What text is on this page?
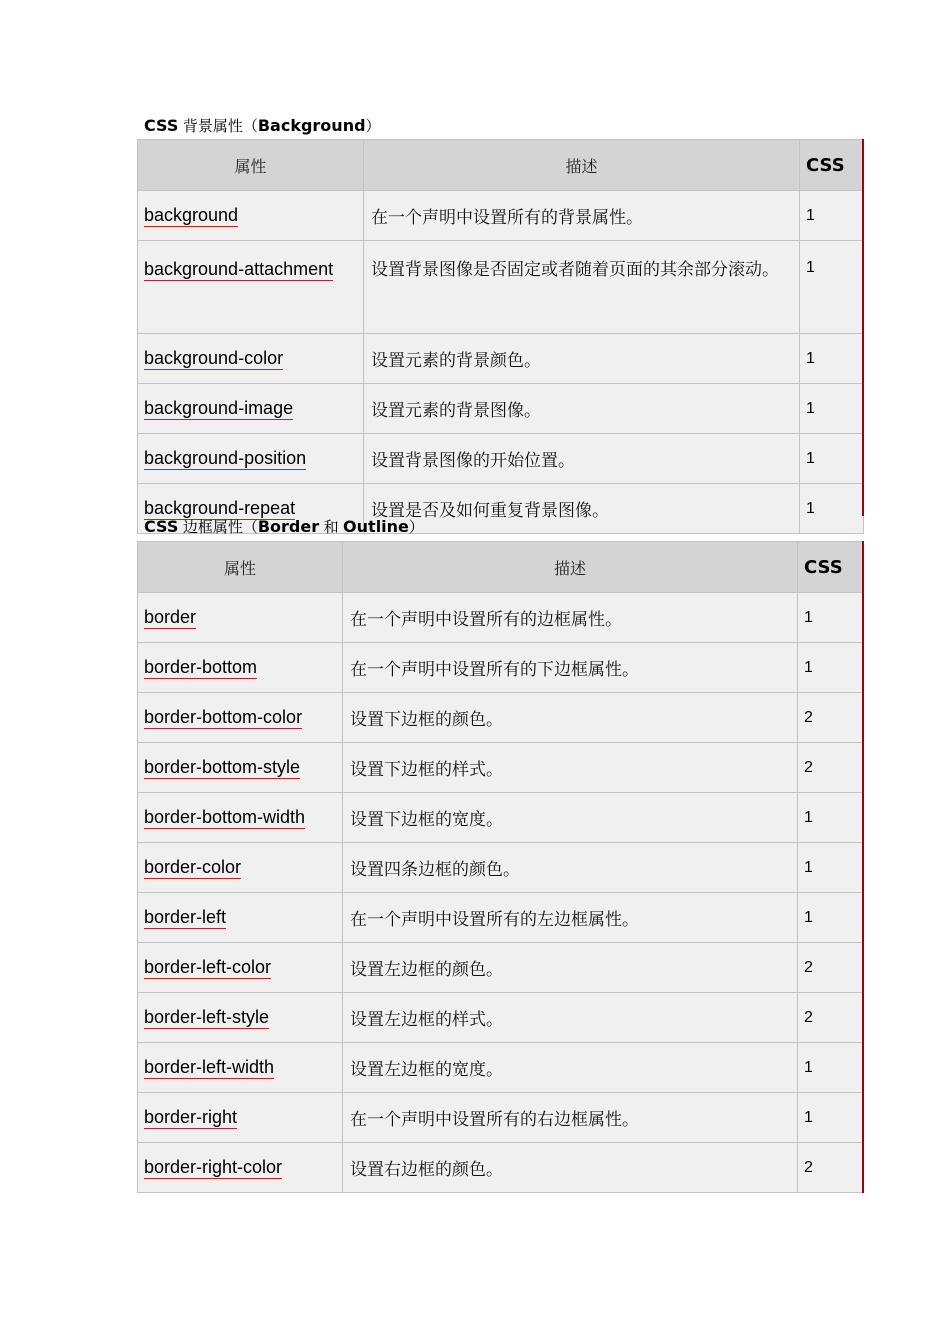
CSS 背景属性（Background）
属性	描述	CSS
background	在一个声明中设置所有的背景属性。	1
background-attachment	设置背景图像是否固定或者随着页面的其余部分滚动。	1
background-color	设置元素的背景颜色。	1
background-image	设置元素的背景图像。	1
background-position	设置背景图像的开始位置。	1
background-repeat	设置是否及如何重复背景图像。	1
CSS 边框属性（Border 和 Outline）
属性	描述	CSS
border	在一个声明中设置所有的边框属性。	1
border-bottom	在一个声明中设置所有的下边框属性。	1
border-bottom-color	设置下边框的颜色。	2
border-bottom-style	设置下边框的样式。	2
border-bottom-width	设置下边框的宽度。	1
border-color	设置四条边框的颜色。	1
border-left	在一个声明中设置所有的左边框属性。	1
border-left-color	设置左边框的颜色。	2
border-left-style	设置左边框的样式。	2
border-left-width	设置左边框的宽度。	1
border-right	在一个声明中设置所有的右边框属性。	1
border-right-color	设置右边框的颜色。	2
